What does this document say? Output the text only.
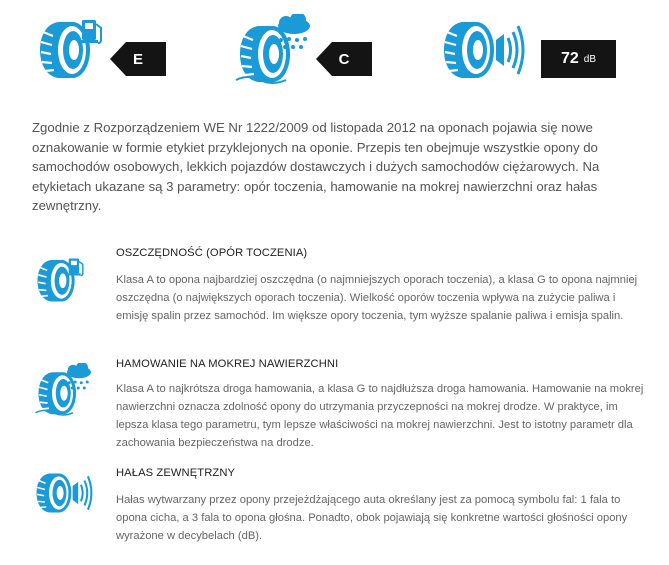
E	C	72 dB

Zgodnie z Rozporządzeniem WE Nr 1222/2009 od listopada 2012 na oponach pojawia się nowe oznakowanie w formie etykiet przyklejonych na oponie. Przepis ten obejmuje wszystkie opony do samochodów osobowych, lekkich pojazdów dostawczych i dużych samochodów ciężarowych. Na etykietach ukazane są 3 parametry: opór toczenia, hamowanie na mokrej nawierzchni oraz hałas zewnętrzny.

OSZCZĘDNOŚĆ (OPÓR TOCZENIA)

Klasa A to opona najbardziej oszczędna (o najmniejszych oporach toczenia), a klasa G to opona najmniej oszczędna (o największych oporach toczenia). Wielkość oporów toczenia wpływa na zużycie paliwa i emisję spalin przez samochód. Im większe opory toczenia, tym wyższe spalanie paliwa i emisja spalin.

HAMOWANIE NA MOKREJ NAWIERZCHNI

Klasa A to najkrótsza droga hamowania, a klasa G to najdłuższa droga hamowania. Hamowanie na mokrej nawierzchni oznacza zdolność opony do utrzymania przyczepności na mokrej drodze. W praktyce, im lepsza klasa tego parametru, tym lepsze właściwości na mokrej nawierzchni. Jest to istotny parametr dla zachowania bezpieczeństwa na drodze.

HAŁAS ZEWNĘTRZNY

Hałas wytwarzany przez opony przejeżdżającego auta określany jest za pomocą symbolu fal: 1 fala to opona cicha, a 3 fala to opona głośna. Ponadto, obok pojawiają się konkretne wartości głośności opony wyrażone w decybelach (dB).
